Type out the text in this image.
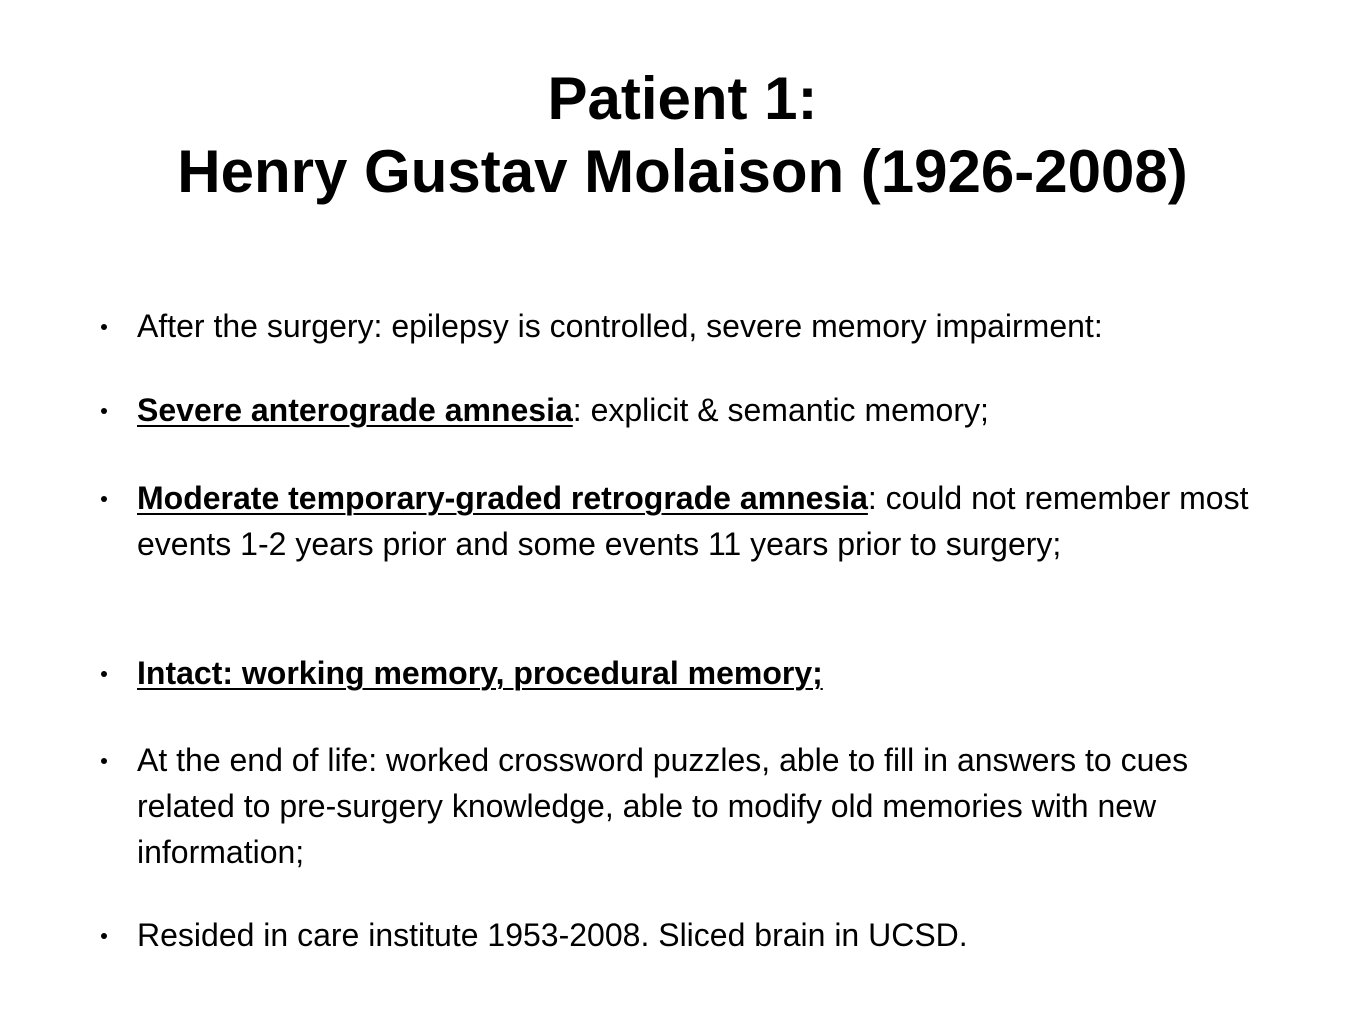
Patient 1:
Henry Gustav Molaison (1926-2008)
After the surgery: epilepsy is controlled, severe memory impairment:
Severe anterograde amnesia: explicit & semantic memory;
Moderate temporary-graded retrograde amnesia: could not remember most events 1-2 years prior and some events 11 years prior to surgery;
Intact: working memory, procedural memory;
At the end of life: worked crossword puzzles, able to fill in answers to cues related to pre-surgery knowledge, able to modify old memories with new information;
Resided in care institute 1953-2008. Sliced brain in UCSD.
